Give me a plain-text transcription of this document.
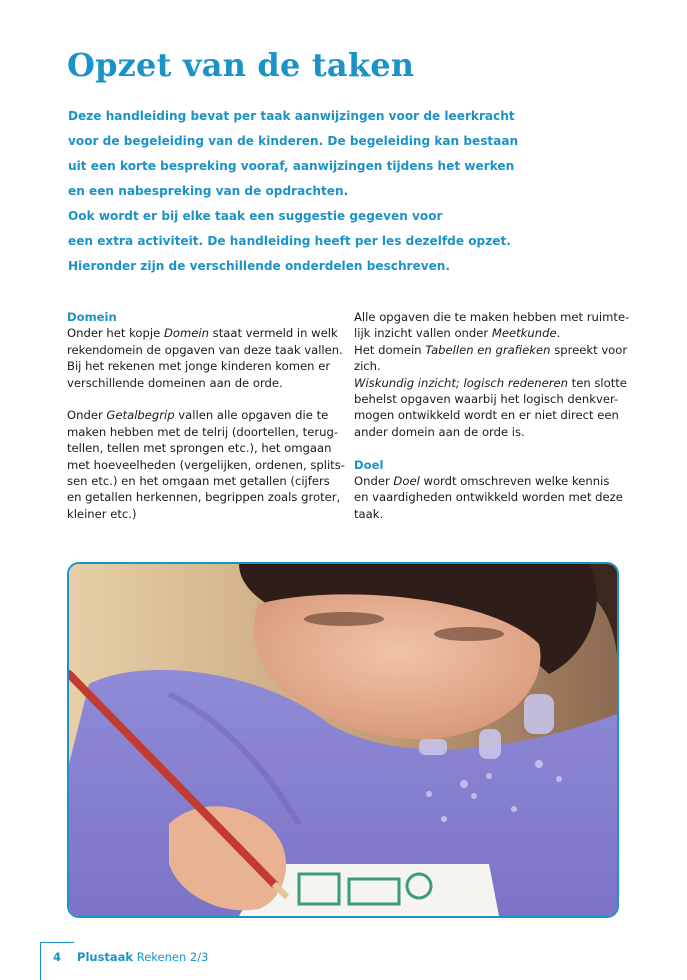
Opzet van de taken
Deze handleiding bevat per taak aanwijzingen voor de leerkracht
voor de begeleiding van de kinderen. De begeleiding kan bestaan
uit een korte bespreking vooraf, aanwijzingen tijdens het werken
en een nabespreking van de opdrachten.
Ook wordt er bij elke taak een suggestie gegeven voor
een extra activiteit. De handleiding heeft per les dezelfde opzet.
Hieronder zijn de verschillende onderdelen beschreven.
Domein
Onder het kopje Domein staat vermeld in welk
rekendomein de opgaven van deze taak vallen.
Bij het rekenen met jonge kinderen komen er
verschillende domeinen aan de orde.
Onder Getalbegrip vallen alle opgaven die te
maken hebben met de telrij (doortellen, terug-
tellen, tellen met sprongen etc.), het omgaan
met hoeveelheden (vergelijken, ordenen, splits-
sen etc.) en het omgaan met getallen (cijfers
en getallen herkennen, begrippen zoals groter,
kleiner etc.)
Alle opgaven die te maken hebben met ruimte-
lijk inzicht vallen onder Meetkunde.
Het domein Tabellen en grafieken spreekt voor
zich.
Wiskundig inzicht; logisch redeneren ten slotte
behelst opgaven waarbij het logisch denkver-
mogen ontwikkeld wordt en er niet direct een
ander domein aan de orde is.
Doel
Onder Doel wordt omschreven welke kennis
en vaardigheden ontwikkeld worden met deze
taak.
4 Plustaak Rekenen 2/3
